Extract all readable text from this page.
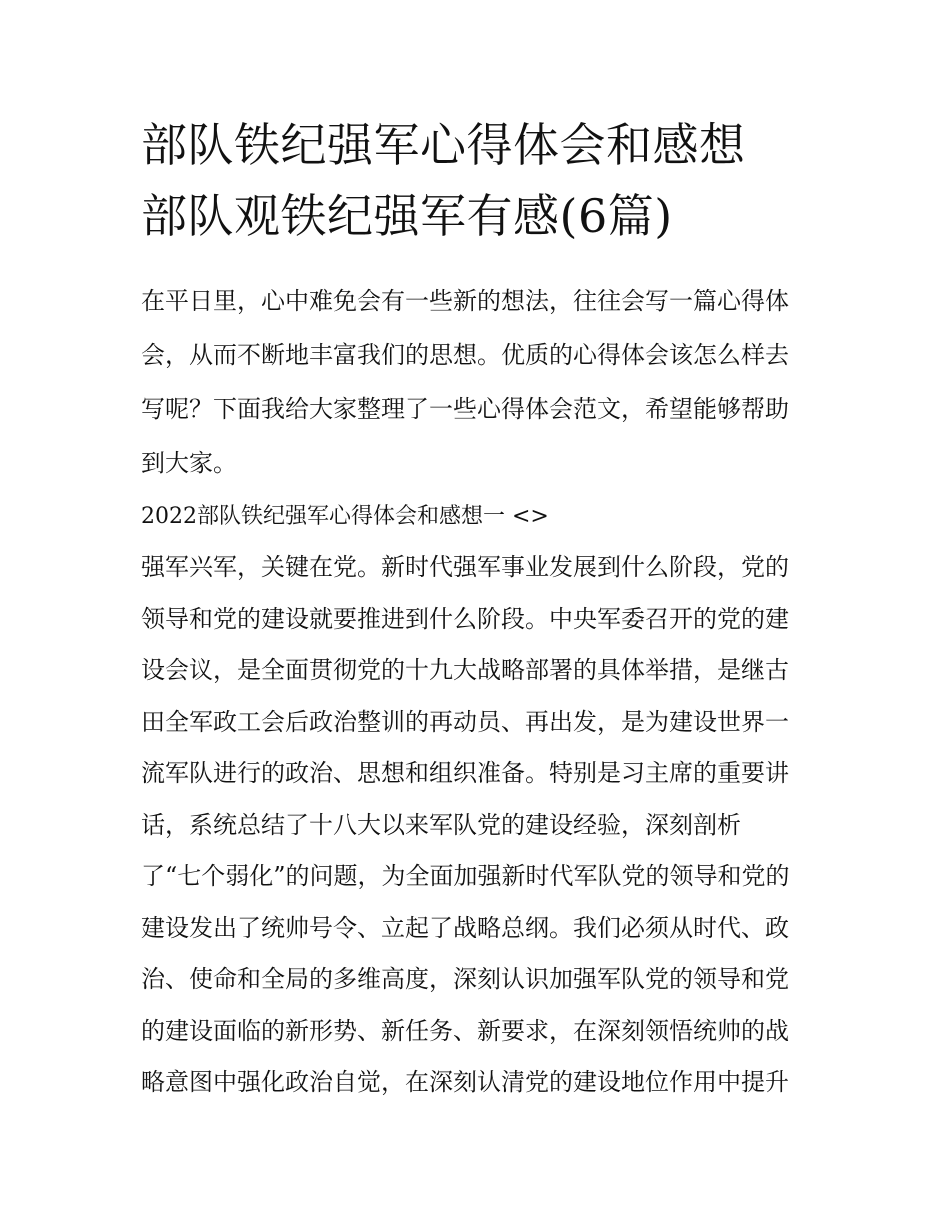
部队铁纪强军心得体会和感想
部队观铁纪强军有感(6篇)

在平日里，心中难免会有一些新的想法，往往会写一篇心得体
会，从而不断地丰富我们的思想。优质的心得体会该怎么样去
写呢？下面我给大家整理了一些心得体会范文，希望能够帮助
到大家。

2022部队铁纪强军心得体会和感想一 <>

强军兴军，关键在党。新时代强军事业发展到什么阶段，党的
领导和党的建设就要推进到什么阶段。中央军委召开的党的建
设会议，是全面贯彻党的十九大战略部署的具体举措，是继古
田全军政工会后政治整训的再动员、再出发，是为建设世界一
流军队进行的政治、思想和组织准备。特别是习主席的重要讲
话，系统总结了十八大以来军队党的建设经验，深刻剖析
了“七个弱化”的问题，为全面加强新时代军队党的领导和党的
建设发出了统帅号令、立起了战略总纲。我们必须从时代、政
治、使命和全局的多维高度，深刻认识加强军队党的领导和党
的建设面临的新形势、新任务、新要求，在深刻领悟统帅的战
略意图中强化政治自觉，在深刻认清党的建设地位作用中提升
